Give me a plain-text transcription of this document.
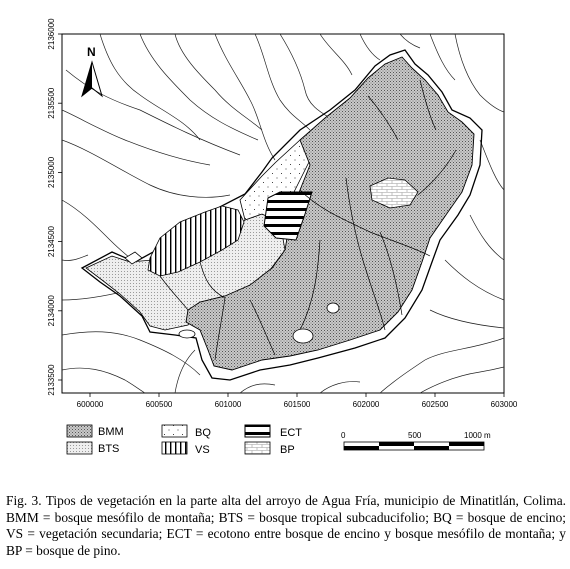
N
600000	600500	601000	601500	602000	602500	603000
2136000
2135500
2135000
2134500
2134000
2133500
BMM
BTS
BQ
VS
ECT
BP
0	500	1000 m
Fig. 3. Tipos de vegetación en la parte alta del arroyo de Agua Fría, municipio de Minatitlán, Colima. BMM = bosque mesófilo de montaña; BTS = bosque tropical subcaducifolio; BQ = bosque de encino; VS = vegetación secundaria; ECT = ecotono entre bosque de encino y bosque mesófilo de montaña; y BP = bosque de pino.
